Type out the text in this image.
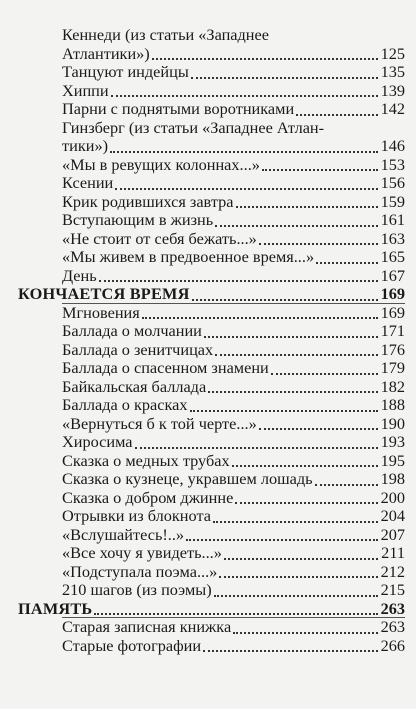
Кеннеди (из статьи «Западнее
Атлантики»)	125
Танцуют индейцы	135
Хиппи	139
Парни с поднятыми воротниками	142
Гинзберг (из статьи «Западнее Атлан-
тики»)	146
«Мы в ревущих колоннах...»	153
Ксении	156
Крик родившихся завтра	159
Вступающим в жизнь	161
«Не стоит от себя бежать...»	163
«Мы живем в предвоенное время...»	165
День	167
КОНЧАЕТСЯ ВРЕМЯ	169
Мгновения	169
Баллада о молчании	171
Баллада о зенитчицах	176
Баллада о спасенном знамени	179
Байкальская баллада	182
Баллада о красках	188
«Вернуться б к той черте...»	190
Хиросима	193
Сказка о медных трубах	195
Сказка о кузнеце, укравшем лошадь	198
Сказка о добром джинне	200
Отрывки из блокнота	204
«Вслушайтесь!..»	207
«Все хочу я увидеть...»	211
«Подступала поэма...»	212
210 шагов (из поэмы)	215
ПАМЯТЬ	263
Старая записная книжка	263
Старые фотографии	266
